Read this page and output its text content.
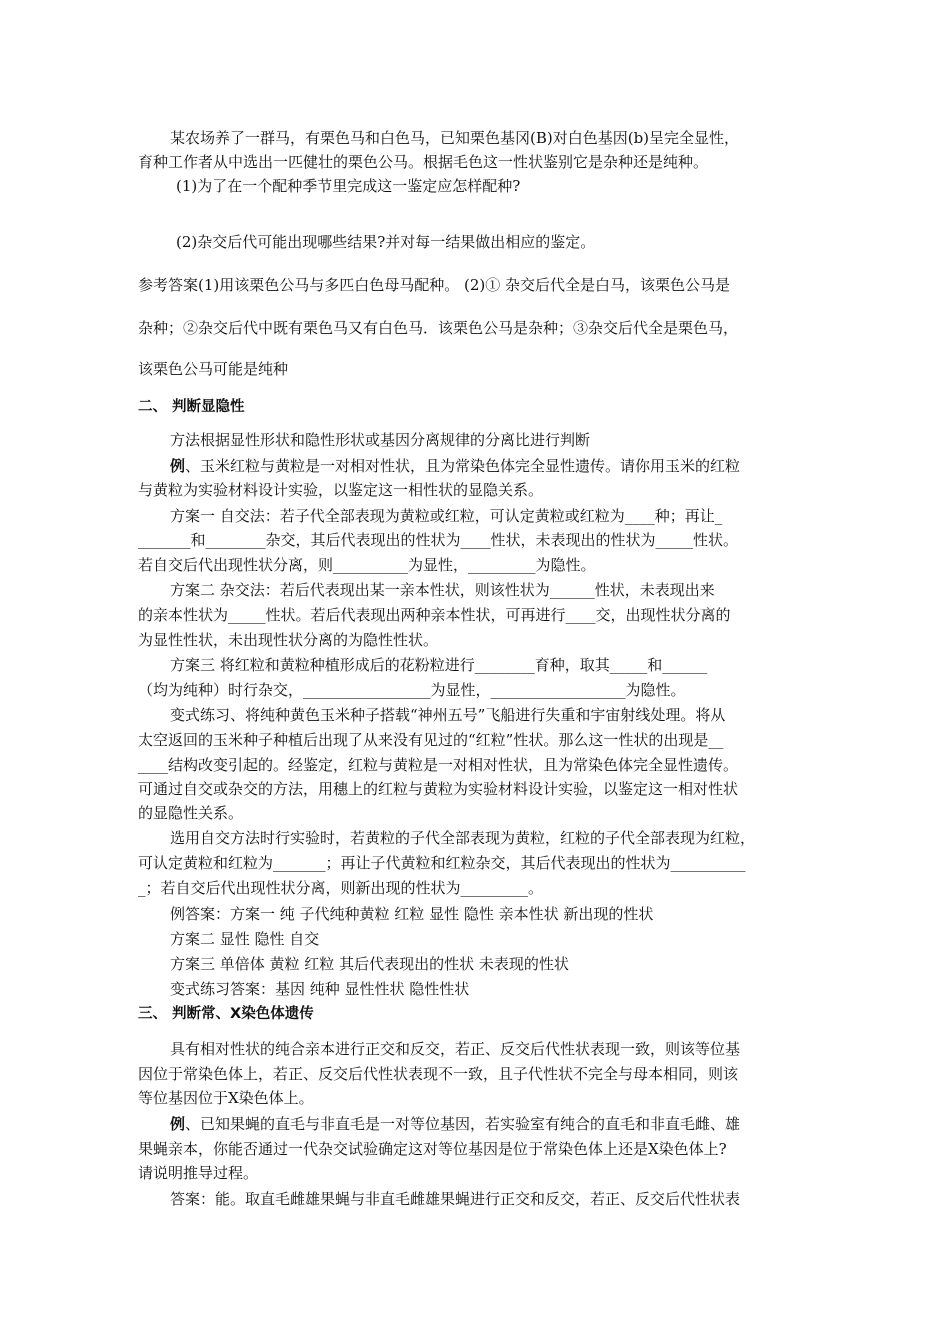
某农场养了一群马，有栗色马和白色马，已知栗色基冈(B)对白色基因(b)呈完全显性，
育种工作者从中选出一匹健壮的栗色公马。根据毛色这一性状鉴别它是杂种还是纯种。
(1)为了在一个配种季节里完成这一鉴定应怎样配种?
(2)杂交后代可能出现哪些结果?并对每一结果做出相应的鉴定。
参考答案(1)用该栗色公马与多匹白色母马配种。 (2)① 杂交后代全是白马，该栗色公马是
杂种；②杂交后代中既有栗色马又有白色马．该栗色公马是杂种；③杂交后代全是栗色马，
该栗色公马可能是纯种
二、 判断显隐性
方法根据显性形状和隐性形状或基因分离规律的分离比进行判断
例、玉米红粒与黄粒是一对相对性状，且为常染色体完全显性遗传。请你用玉米的红粒
与黄粒为实验材料设计实验，以鉴定这一相性状的显隐关系。
方案一 自交法：若子代全部表现为黄粒或红粒，可认定黄粒或红粒为____种；再让_
_______和________杂交，其后代表现出的性状为____性状，未表现出的性状为_____性状。
若自交后代出现性状分离，则__________为显性，_________为隐性。
方案二 杂交法：若后代表现出某一亲本性状，则该性状为______性状，未表现出来
的亲本性状为_____性状。若后代表现出两种亲本性状，可再进行____交，出现性状分离的
为显性性状，未出现性状分离的为隐性性状。
方案三 将红粒和黄粒种植形成后的花粉粒进行________育种，取其_____和______
（均为纯种）时行杂交，_________________为显性，__________________为隐性。
变式练习、将纯种黄色玉米种子搭载“神州五号”飞船进行失重和宇宙射线处理。将从
太空返回的玉米种子种植后出现了从来没有见过的“红粒”性状。那么这一性状的出现是__
____结构改变引起的。经鉴定，红粒与黄粒是一对相对性状，且为常染色体完全显性遗传。
可通过自交或杂交的方法，用穗上的红粒与黄粒为实验材料设计实验，以鉴定这一相对性状
的显隐性关系。
选用自交方法时行实验时，若黄粒的子代全部表现为黄粒，红粒的子代全部表现为红粒，
可认定黄粒和红粒为_______；再让子代黄粒和红粒杂交，其后代表现出的性状为__________
_；若自交后代出现性状分离，则新出现的性状为_________。
例答案：方案一 纯 子代纯种黄粒 红粒 显性 隐性 亲本性状 新出现的性状
方案二 显性 隐性 自交
方案三 单倍体 黄粒 红粒 其后代表现出的性状 未表现的性状
变式练习答案：基因 纯种 显性性状 隐性性状
三、 判断常、X染色体遗传
具有相对性状的纯合亲本进行正交和反交，若正、反交后代性状表现一致，则该等位基
因位于常染色体上，若正、反交后代性状表现不一致，且子代性状不完全与母本相同，则该
等位基因位于X染色体上。
例、已知果蝇的直毛与非直毛是一对等位基因，若实验室有纯合的直毛和非直毛雌、雄
果蝇亲本，你能否通过一代杂交试验确定这对等位基因是位于常染色体上还是X染色体上?
请说明推导过程。
答案：能。取直毛雌雄果蝇与非直毛雌雄果蝇进行正交和反交，若正、反交后代性状表
